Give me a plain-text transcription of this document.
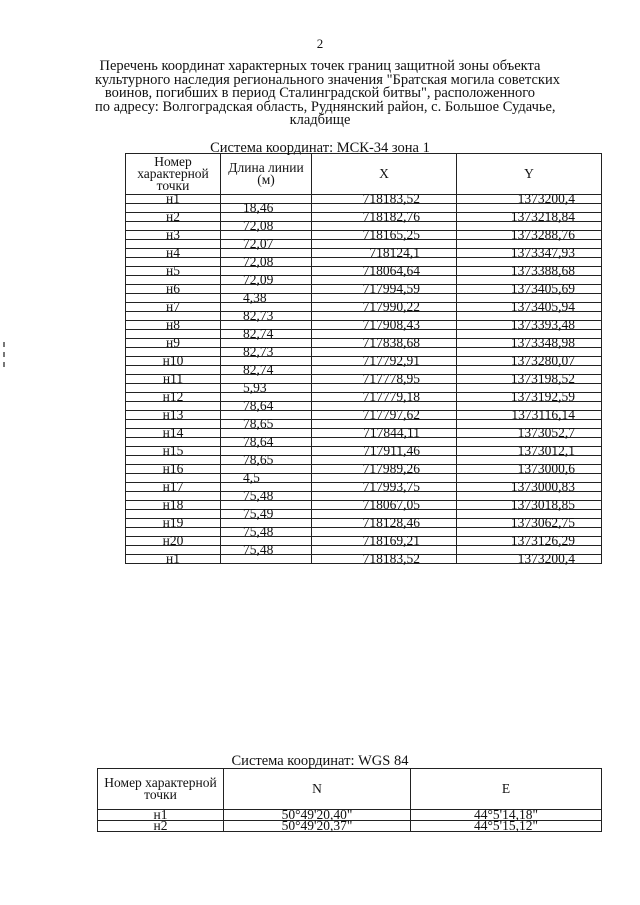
2
Перечень координат характерных точек границ защитной зоны объекта
культурного наследия регионального значения "Братская могила советских
воинов, погибших в период Сталинградской битвы", расположенного
по адресу: Волгоградская область, Руднянский район, с. Большое Судачье,
кладбище
Система координат: МСК-34 зона 1
Номер характерной точки	Длина линии (м)	X	Y
н1		718183,52	1373200,4
	18,46		
н2		718182,76	1373218,84
	72,08		
н3		718165,25	1373288,76
	72,07		
н4		718124,1	1373347,93
	72,08		
н5		718064,64	1373388,68
	72,09		
н6		717994,59	1373405,69
	4,38		
н7		717990,22	1373405,94
	82,73		
н8		717908,43	1373393,48
	82,74		
н9		717838,68	1373348,98
	82,73		
н10		717792,91	1373280,07
	82,74		
н11		717778,95	1373198,52
	5,93		
н12		717779,18	1373192,59
	78,64		
н13		717797,62	1373116,14
	78,65		
н14		717844,11	1373052,7
	78,64		
н15		717911,46	1373012,1
	78,65		
н16		717989,26	1373000,6
	4,5		
н17		717993,75	1373000,83
	75,48		
н18		718067,05	1373018,85
	75,49		
н19		718128,46	1373062,75
	75,48		
н20		718169,21	1373126,29
	75,48		
н1		718183,52	1373200,4
Система координат: WGS 84
Номер характерной точки	N	E
н1	50°49'20,40"	44°5'14,18"
н2	50°49'20,37"	44°5'15,12"
